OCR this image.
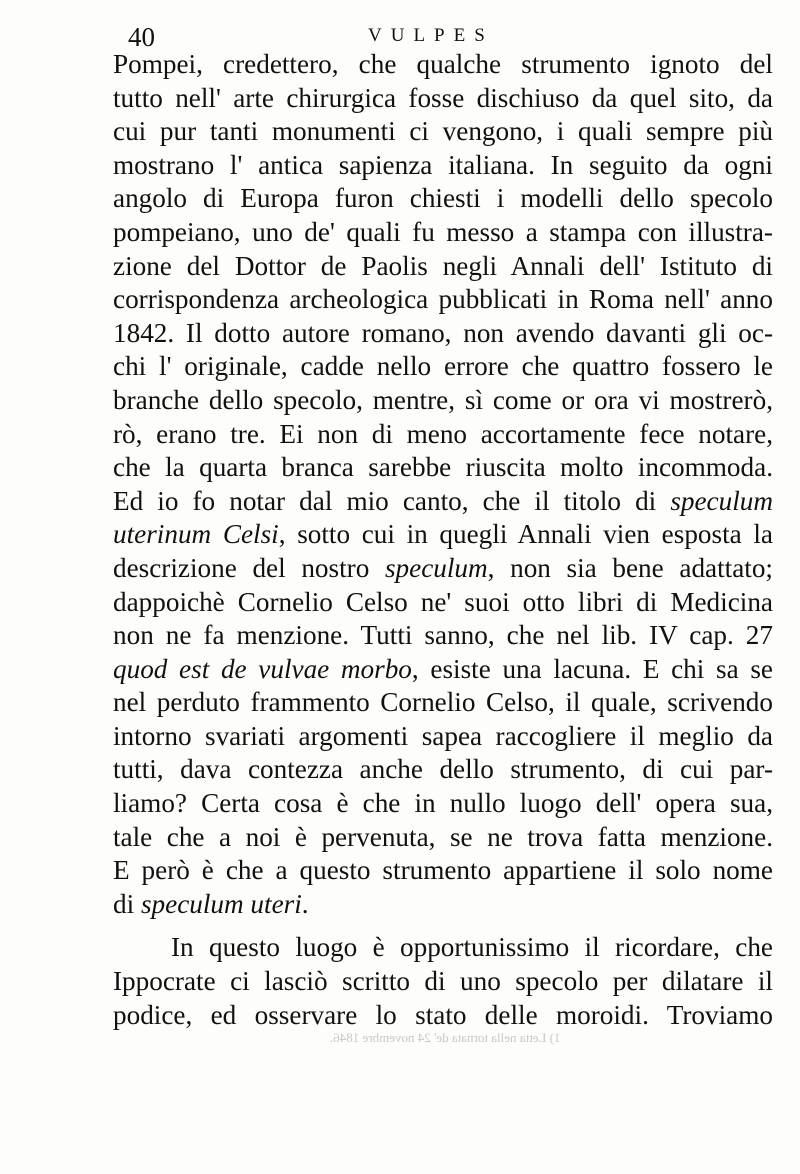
40	VULPES
Pompei, credettero, che qualche strumento ignoto del
tutto nell' arte chirurgica fosse dischiuso da quel sito, da
cui pur tanti monumenti ci vengono, i quali sempre più
mostrano l' antica sapienza italiana. In seguito da ogni
angolo di Europa furon chiesti i modelli dello specolo
pompeiano, uno de' quali fu messo a stampa con illustra-
zione del Dottor de Paolis negli Annali dell' Istituto di
corrispondenza archeologica pubblicati in Roma nell' anno
1842. Il dotto autore romano, non avendo davanti gli oc-
chi l' originale, cadde nello errore che quattro fossero le
branche dello specolo, mentre, sì come or ora vi mostrerò,
rò, erano tre. Ei non di meno accortamente fece notare,
che la quarta branca sarebbe riuscita molto incommoda.
Ed io fo notar dal mio canto, che il titolo di speculum
uterinum Celsi, sotto cui in quegli Annali vien esposta la
descrizione del nostro speculum, non sia bene adattato;
dappoichè Cornelio Celso ne' suoi otto libri di Medicina
non ne fa menzione. Tutti sanno, che nel lib. IV cap. 27
quod est de vulvae morbo, esiste una lacuna. E chi sa se
nel perduto frammento Cornelio Celso, il quale, scrivendo
intorno svariati argomenti sapea raccogliere il meglio da
tutti, dava contezza anche dello strumento, di cui par-
liamo? Certa cosa è che in nullo luogo dell' opera sua,
tale che a noi è pervenuta, se ne trova fatta menzione.
E però è che a questo strumento appartiene il solo nome
di speculum uteri.
In questo luogo è opportunissimo il ricordare, che
Ippocrate ci lasciò scritto di uno specolo per dilatare il
podice, ed osservare lo stato delle moroidi. Troviamo
1) Letta nella tornata de' 24 novembre 1846.
